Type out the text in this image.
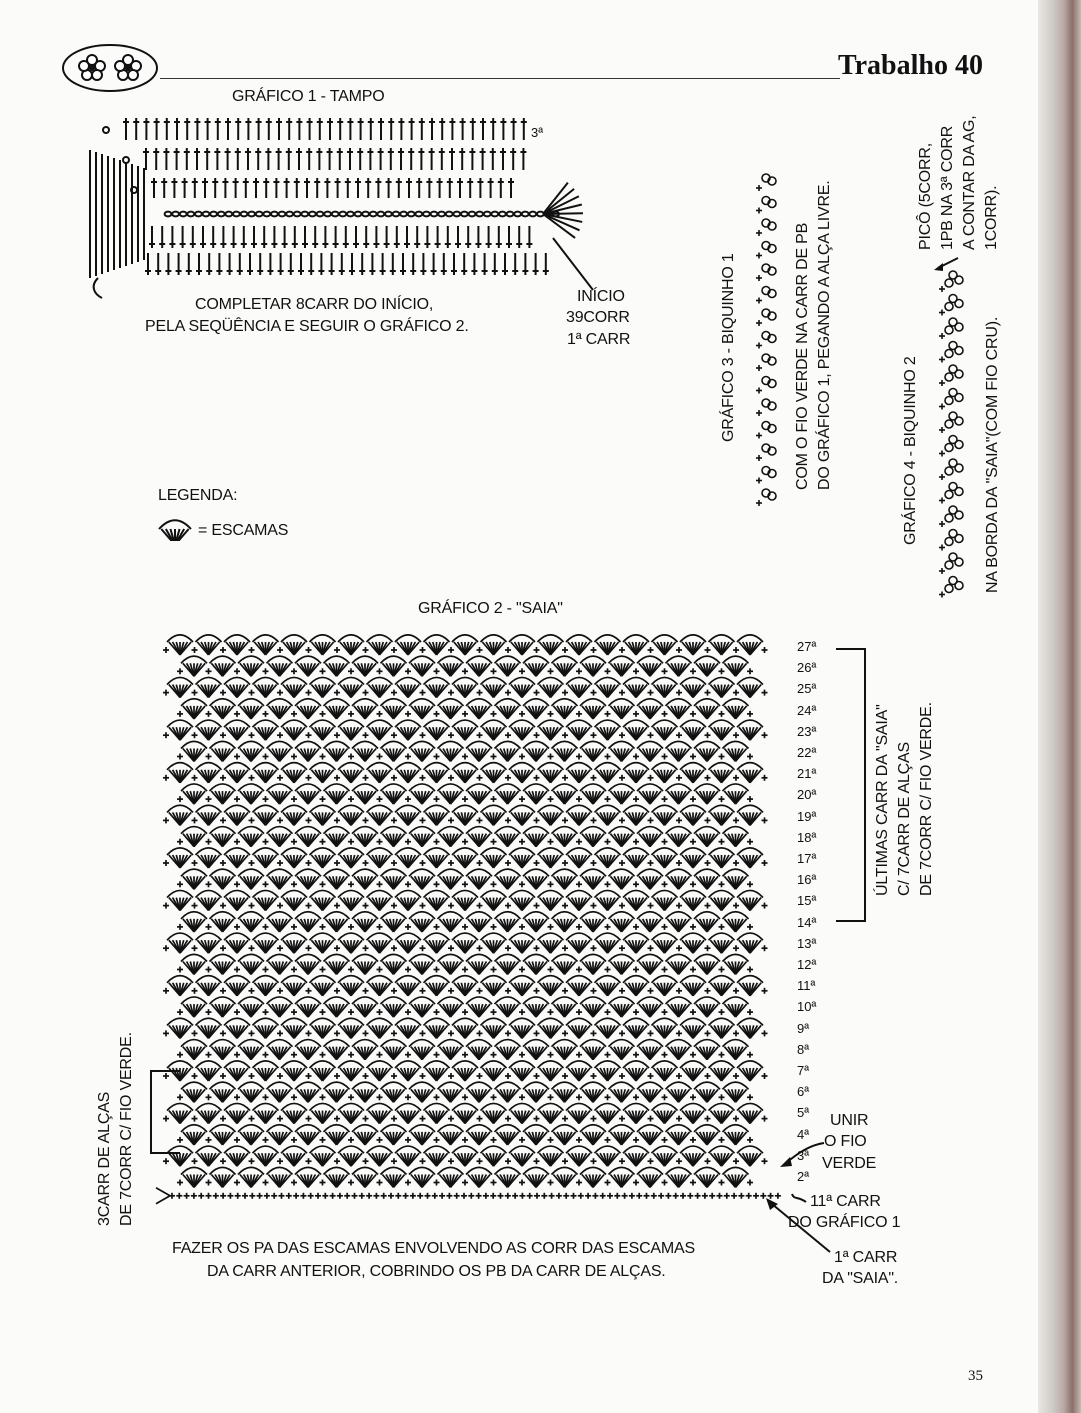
Trabalho 40
GRÁFICO 1 - TAMPO
3ª
COMPLETAR 8CARR DO INÍCIO,
PELA SEQÜÊNCIA E SEGUIR O GRÁFICO 2.
INÍCIO
39CORR
1ª CARR	GRÁFICO 3 - BIQUINHO 1	COM O FIO VERDE NA CARR DE PB DO GRÁFICO 1, PEGANDO A ALÇA LIVRE.	GRÁFICO 4 - BIQUINHO 2	NA BORDA DA "SAIA"(COM FIO CRU).
PICÔ (5CORR, 1PB NA 3ª CORR A CONTAR DA AG, 1CORR).
LEGENDA:
= ESCAMAS
GRÁFICO 2 - "SAIA"
27ª
26ª
25ª
24ª
23ª
22ª
21ª
20ª
19ª
18ª
17ª
16ª
15ª
14ª
13ª
12ª
11ª
10ª
9ª
8ª
7ª
6ª
5ª
4ª
3ª
2ª
ÚLTIMAS CARR DA "SAIA" C/ 7CARR DE ALÇAS DE 7CORR C/ FIO VERDE.
3CARR DE ALÇAS DE 7CORR C/ FIO VERDE.	UNIR
O FIO
VERDE
11ª CARR
DO GRÁFICO 1
1ª CARR
DA "SAIA".
FAZER OS PA DAS ESCAMAS ENVOLVENDO AS CORR DAS ESCAMAS
DA CARR ANTERIOR, COBRINDO OS PB DA CARR DE ALÇAS.
35
